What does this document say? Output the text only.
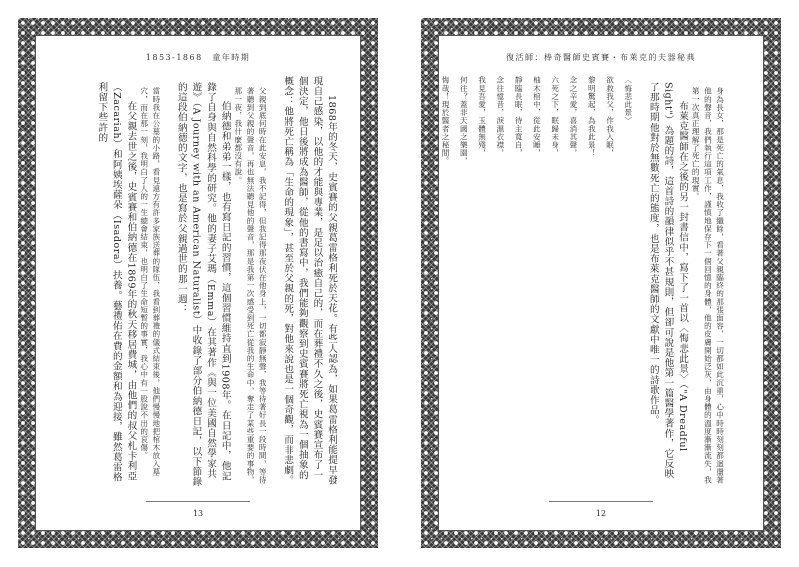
1853-1868　童年時期

1868年的冬天，史賓賽的父親葛雷格利死於天花。有些人認為，如果葛雷格利能提早發現自己感染，以他的才能與專業，是足以治癒自己的，而在葬禮不久之後，史賓賽宣布了一個決定，他日後將成為醫師，從他的書寫中，我們能夠觀察到史賓賽將死亡視為一個抽象的概念：他將死亡稱為「生命的現象」，甚至於父親的死，對他來說也是一個奇觀，而非悲劇。

父親到底何時在此安息，我不記得，但我記得那夜伏在他身上，一切都寂靜無聲，我等待著好長一段時間，等待著聽到父親的聲音，再也無法聽見他的聲音，那是我第一次感受到死亡從我的生命中，奪走了某些重要的事物，那一夜，我什麼都沒有說。

伯納德和弟弟一樣，也有寫日記的習慣，這個習慣維持直到1908年。在日記中，他記錄了自身與自然科學的研究。他的妻子艾瑪（Emma）在其著作《與一位美國自然學家共遊》（A Journey with an American Naturalist）中收錄了部分伯納德日記，以下節錄的這段伯納德的文字，也是寫於父親過世的那一週：

當時我在公墓的小路，看見遠方有許多家族送葬的隊伍，我看到葬禮的儀式結束後，他們慢慢地把棺木放入墓穴，而在那一刻，我明白了人的一生總會結束，也明白了生命短暫的事實，我心中有一股說不出的哀傷。

在父親去世之後，史賓賽和伯納德在1869年的秋天移居費城，由他們的叔父札卡利亞（Zacariah）和阿姨埃薩朵（Isadora）扶養。藝禮佑在費的金額和為迎接，雖然葛雷格利留下些許的

13
復活師：棒奇醫師史賓賽・布萊克的夫器秘典

身為長女，那是死亡的氣息，我收了纖餘，看著父親臨終的那張面容，一切都如此沉重，心中時時刻刻都迴盪著他的聲音，我們執行這項工作，謹慎地保存下一個回憶的身體，他的皮膚開始泛灰，由身體的溫度漸漸流失，我第一次真正理解了死亡的現實。

布萊克醫師在之後的另一封書信中，寫下了一首以〈悔悲此景〉（"A Dreadful Sight"）為題的詩，這首詩的韻律似乎不甚規則，但卻可說是他第一篇醫學著作，它反映了那時期他對於無數死亡的態度，也是布萊克醫師的文獻中唯一的詩歌作品。

〈悔悲此景〉

欲救我父，作我入眠，

黎明驚起，為我此景！

念之辛愛，喜消其聲，

六死之下，眠歸未身，

柚木棺中，從此安睡，

靜臨長眠，待主寬自，

念往憶昔，淚濕衣襟，

我見吾愛，玉體無殘，

何往？蓋非天國之樂園，

悔哉！現於醫者之秘間。

12
